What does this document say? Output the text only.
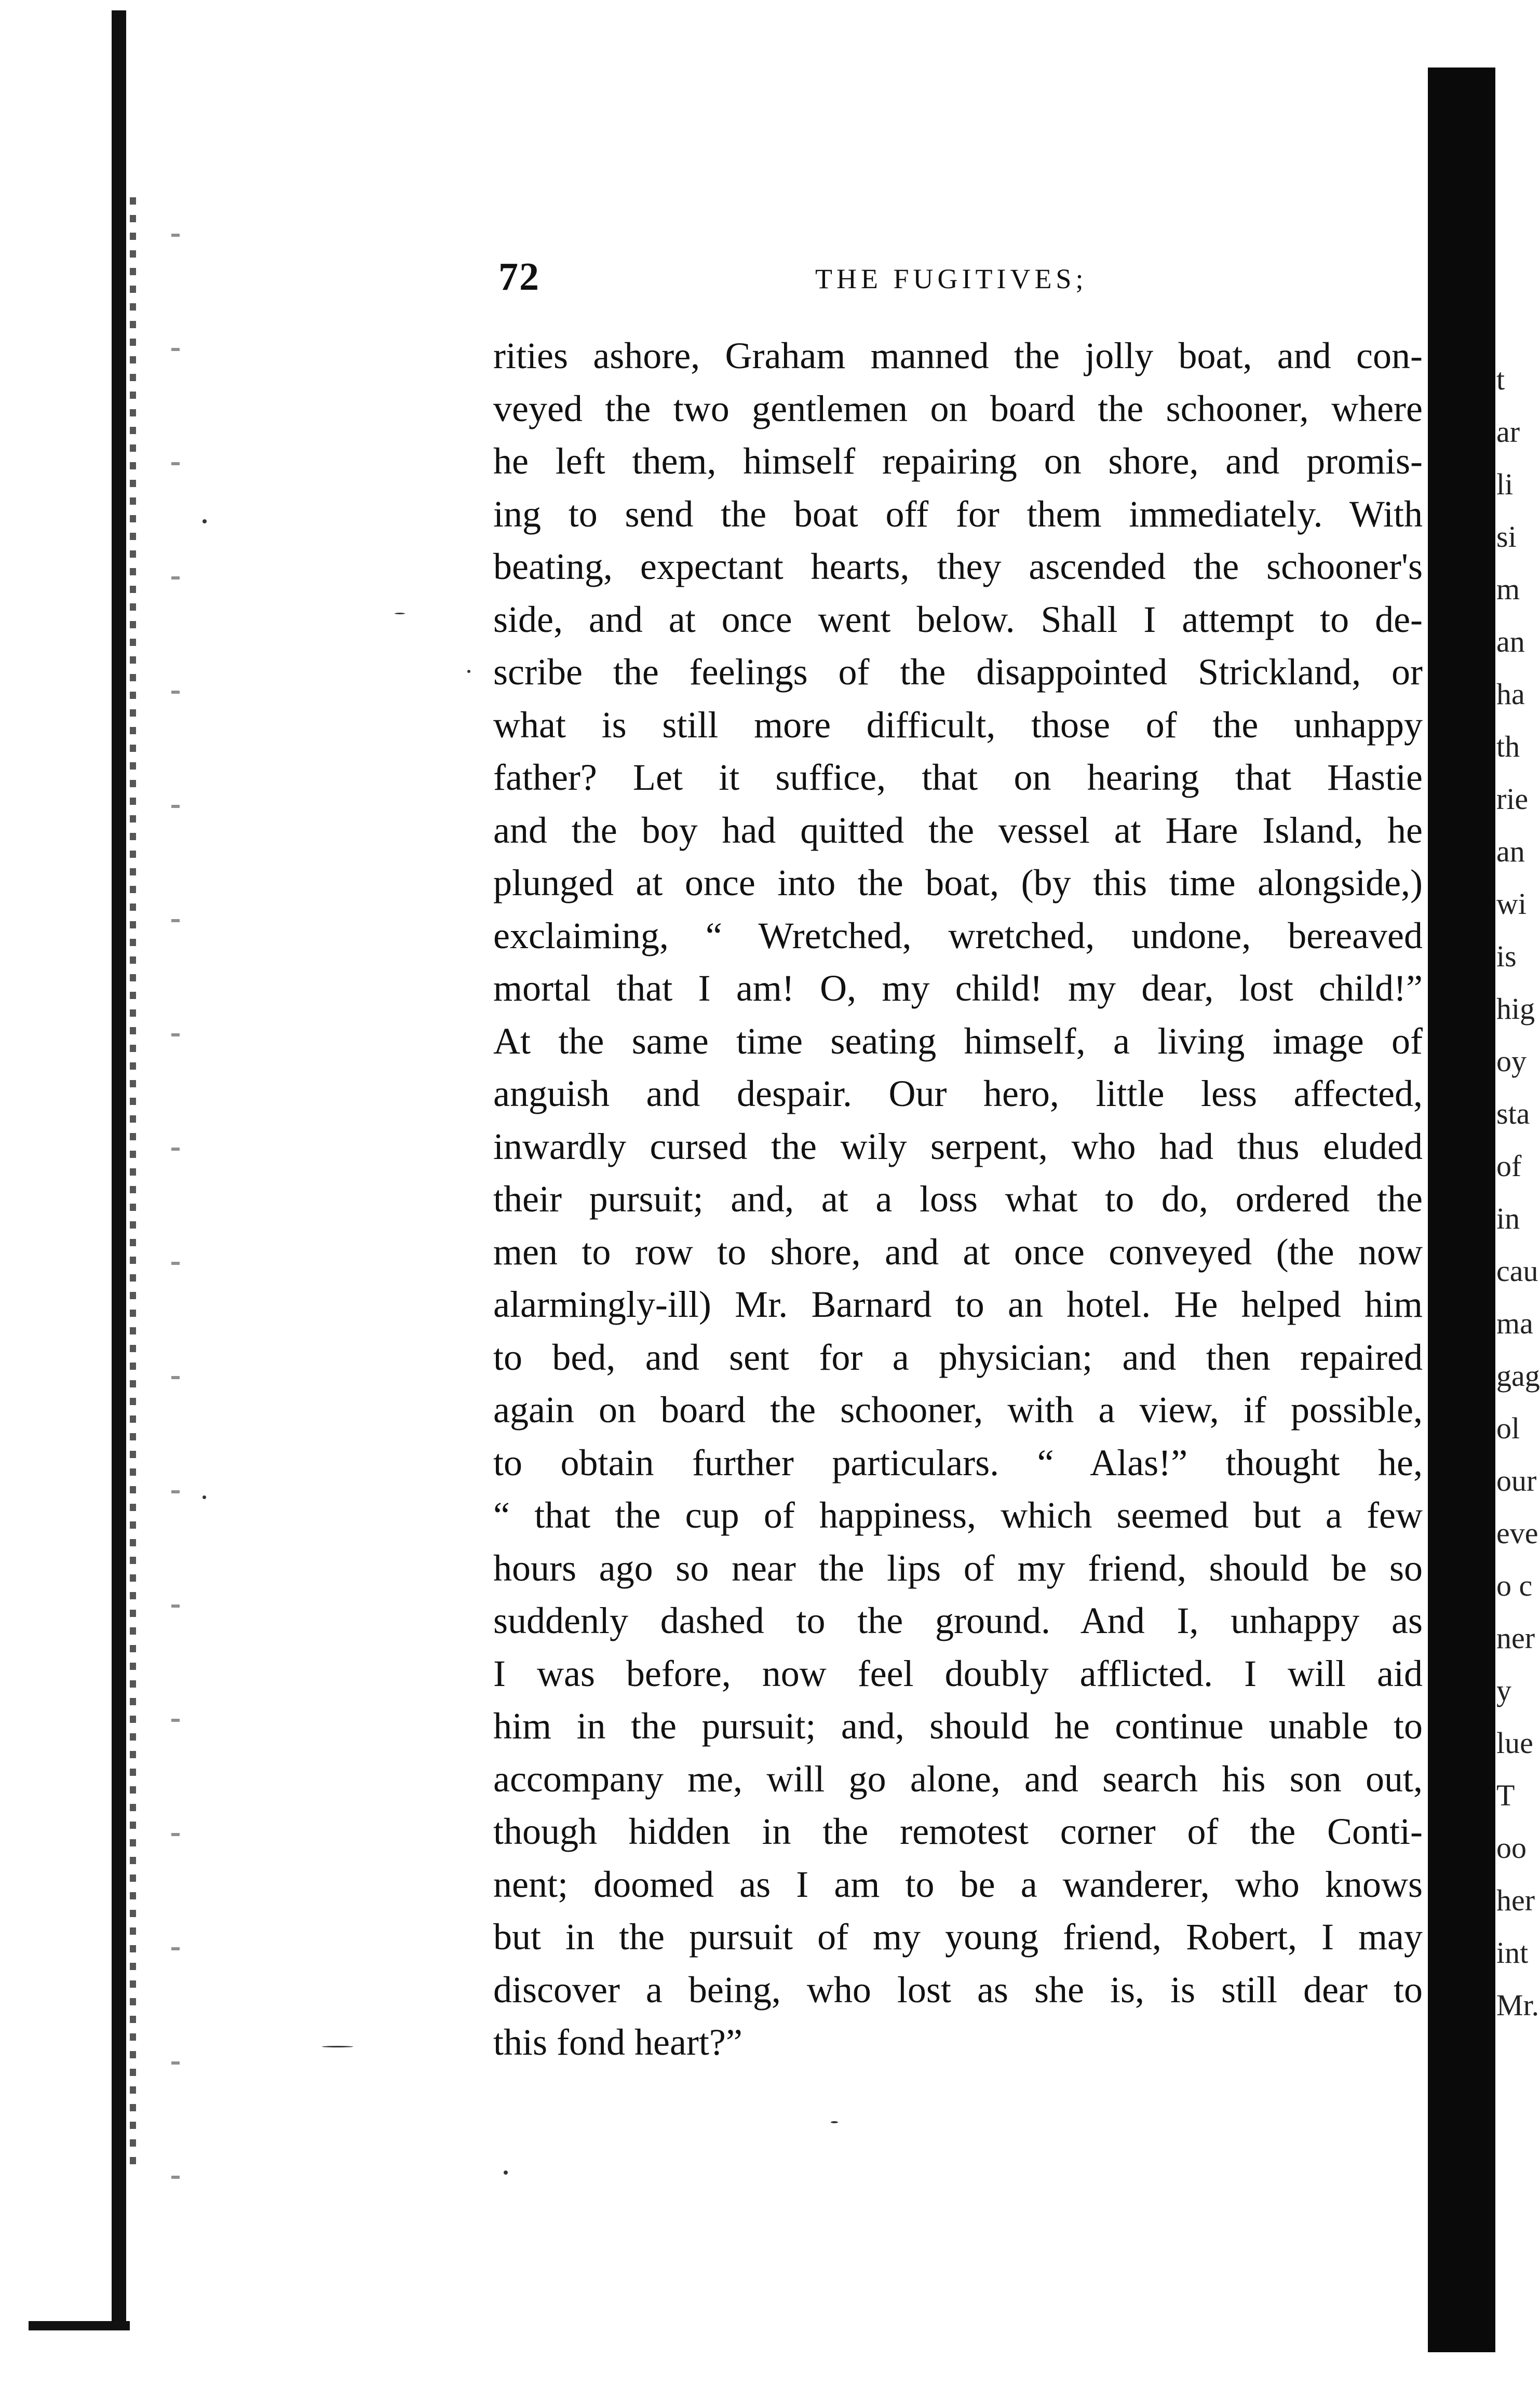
72	THE FUGITIVES;
rities ashore, Graham manned the jolly boat, and con-
veyed the two gentlemen on board the schooner, where
he left them, himself repairing on shore, and promis-
ing to send the boat off for them immediately. With
beating, expectant hearts, they ascended the schooner's
side, and at once went below. Shall I attempt to de-
scribe the feelings of the disappointed Strickland, or
what is still more difficult, those of the unhappy
father? Let it suffice, that on hearing that Hastie
and the boy had quitted the vessel at Hare Island, he
plunged at once into the boat, (by this time alongside,)
exclaiming, “ Wretched, wretched, undone, bereaved
mortal that I am! O, my child! my dear, lost child!”
At the same time seating himself, a living image of
anguish and despair. Our hero, little less affected,
inwardly cursed the wily serpent, who had thus eluded
their pursuit; and, at a loss what to do, ordered the
men to row to shore, and at once conveyed (the now
alarmingly-ill) Mr. Barnard to an hotel. He helped him
to bed, and sent for a physician; and then repaired
again on board the schooner, with a view, if possible,
to obtain further particulars. “ Alas!” thought he,
“ that the cup of happiness, which seemed but a few
hours ago so near the lips of my friend, should be so
suddenly dashed to the ground. And I, unhappy as
I was before, now feel doubly afflicted. I will aid
him in the pursuit; and, should he continue unable to
accompany me, will go alone, and search his son out,
though hidden in the remotest corner of the Conti-
nent; doomed as I am to be a wanderer, who knows
but in the pursuit of my young friend, Robert, I may
discover a being, who lost as she is, is still dear to
this fond heart?”
t
ar
li
si
m
an
ha
th
rie
an
wi
is
hig
oy
sta
of
in
cau
ma
gag
ol
our
eve
o c
ner
y
lue
T
oo
her
int
Mr.
